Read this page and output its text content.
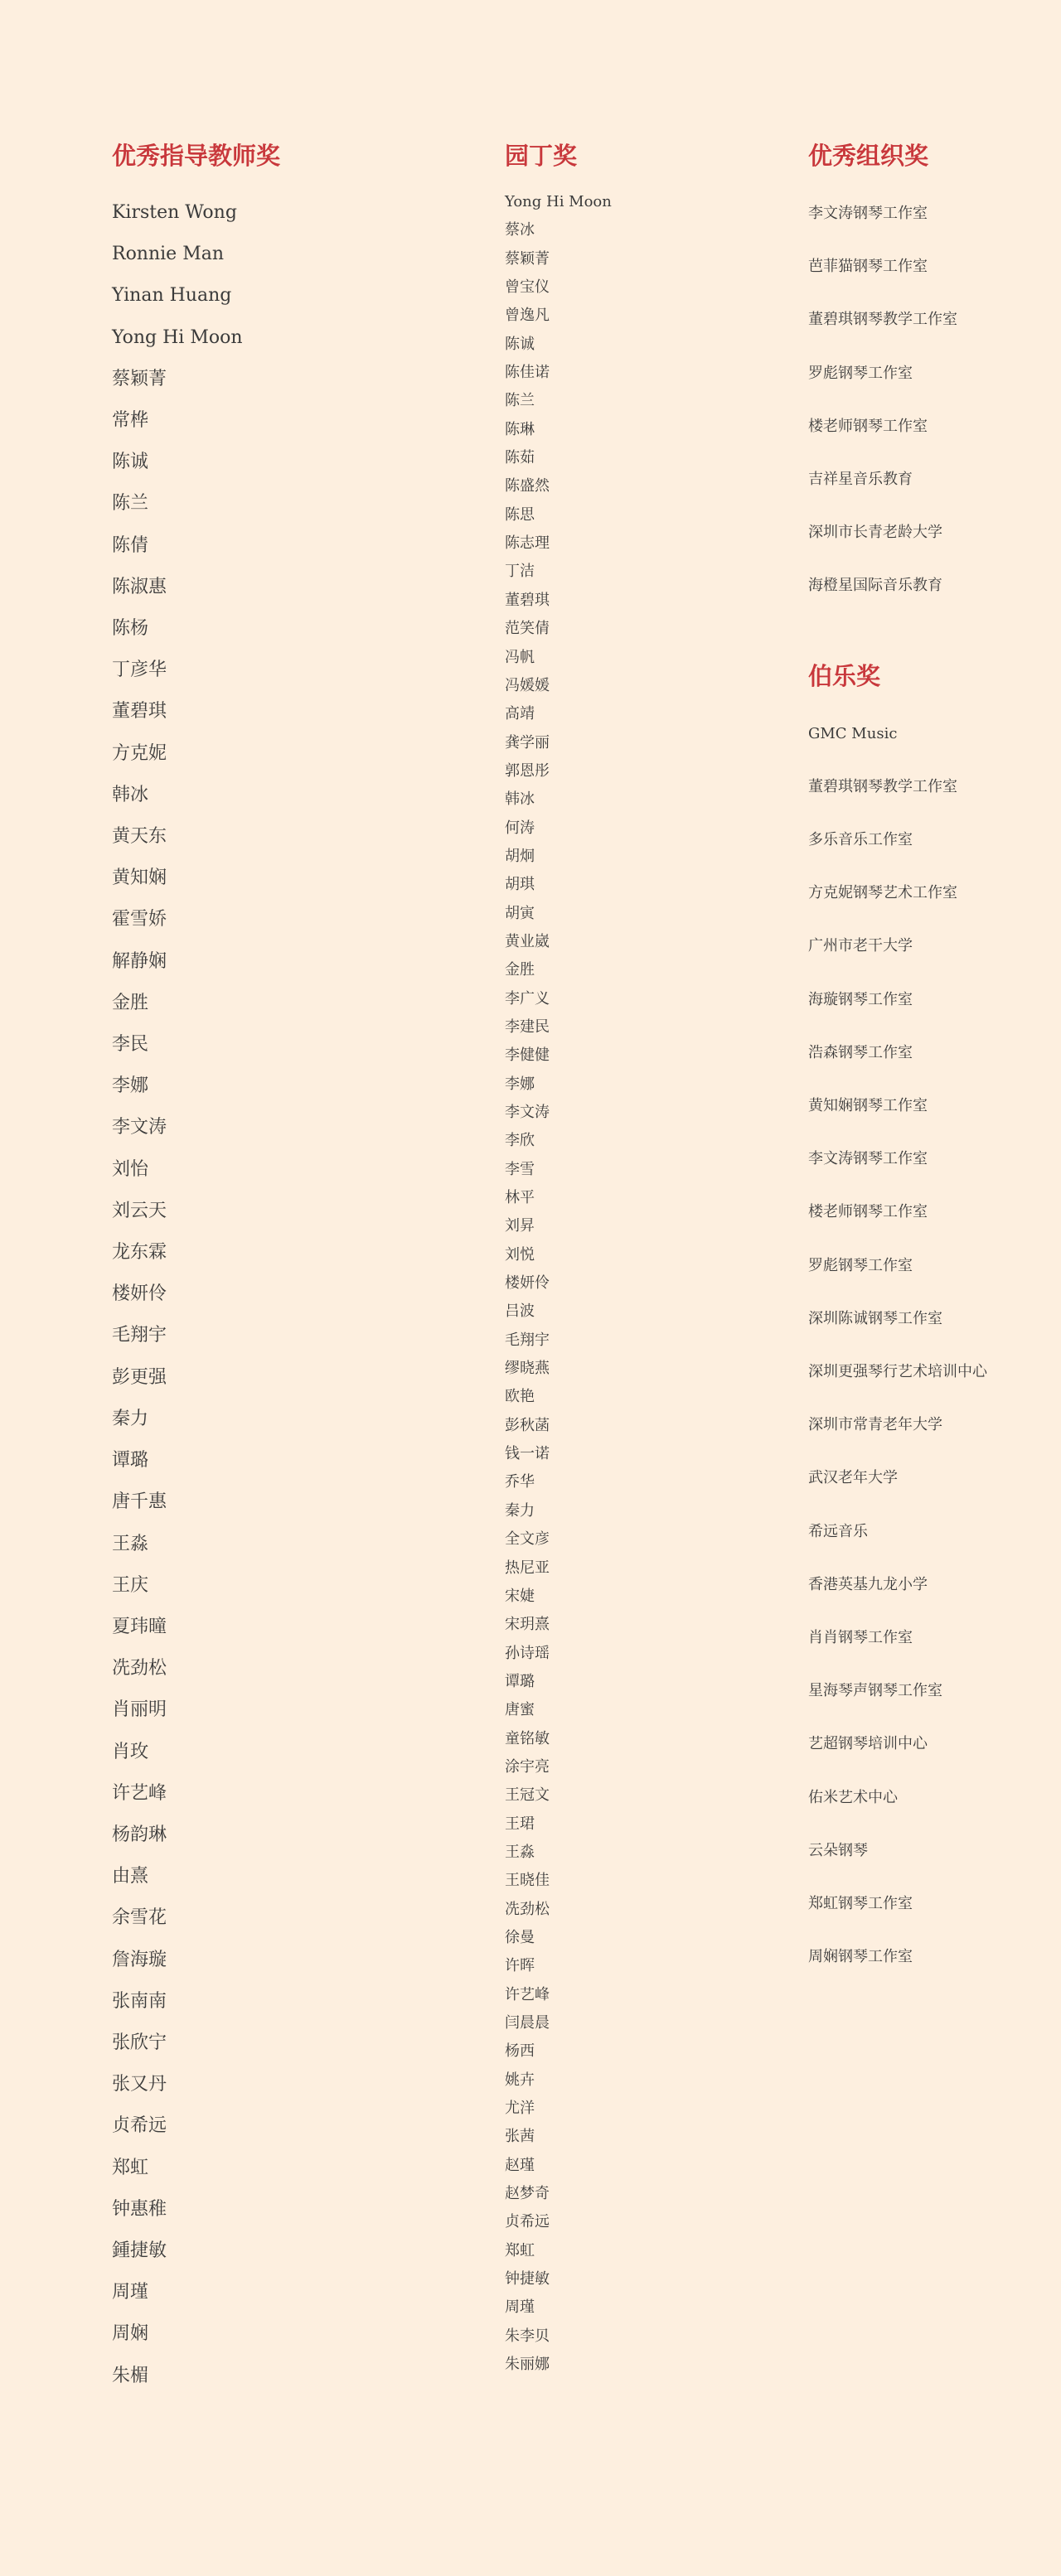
优秀指导教师奖
Kirsten Wong
Ronnie Man
Yinan Huang
Yong Hi Moon
蔡颖菁
常桦
陈诚
陈兰
陈倩
陈淑惠
陈杨
丁彦华
董碧琪
方克妮
韩冰
黄天东
黄知娴
霍雪娇
解静娴
金胜
李民
李娜
李文涛
刘怡
刘云天
龙东霖
楼妍伶
毛翔宇
彭更强
秦力
谭璐
唐千惠
王淼
王庆
夏玮曈
冼劲松
肖丽明
肖玫
许艺峰
杨韵琳
由熹
余雪花
詹海璇
张南南
张欣宁
张又丹
贞希远
郑虹
钟惠稚
鍾捷敏
周瑾
周娴
朱楣
园丁奖
Yong Hi Moon
蔡冰
蔡颖菁
曾宝仪
曾逸凡
陈诚
陈佳诺
陈兰
陈琳
陈茹
陈盛然
陈思
陈志理
丁洁
董碧琪
范笑倩
冯帆
冯媛媛
高靖
龚学丽
郭恩彤
韩冰
何涛
胡炯
胡琪
胡寅
黄业崴
金胜
李广义
李建民
李健健
李娜
李文涛
李欣
李雪
林平
刘昇
刘悦
楼妍伶
吕波
毛翔宇
缪晓燕
欧艳
彭秋菡
钱一诺
乔华
秦力
全文彦
热尼亚
宋婕
宋玥熹
孙诗瑶
谭璐
唐蜜
童铭敏
涂宇亮
王冠文
王珺
王淼
王晓佳
冼劲松
徐曼
许晖
许艺峰
闫晨晨
杨西
姚卉
尤洋
张茜
赵瑾
赵梦奇
贞希远
郑虹
钟捷敏
周瑾
朱李贝
朱丽娜
优秀组织奖
李文涛钢琴工作室
芭菲猫钢琴工作室
董碧琪钢琴教学工作室
罗彪钢琴工作室
楼老师钢琴工作室
吉祥星音乐教育
深圳市长青老龄大学
海橙星国际音乐教育
伯乐奖
GMC Music
董碧琪钢琴教学工作室
多乐音乐工作室
方克妮钢琴艺术工作室
广州市老干大学
海璇钢琴工作室
浩森钢琴工作室
黄知娴钢琴工作室
李文涛钢琴工作室
楼老师钢琴工作室
罗彪钢琴工作室
深圳陈诚钢琴工作室
深圳更强琴行艺术培训中心
深圳市常青老年大学
武汉老年大学
希远音乐
香港英基九龙小学
肖肖钢琴工作室
星海琴声钢琴工作室
艺超钢琴培训中心
佑米艺术中心
云朵钢琴
郑虹钢琴工作室
周娴钢琴工作室
